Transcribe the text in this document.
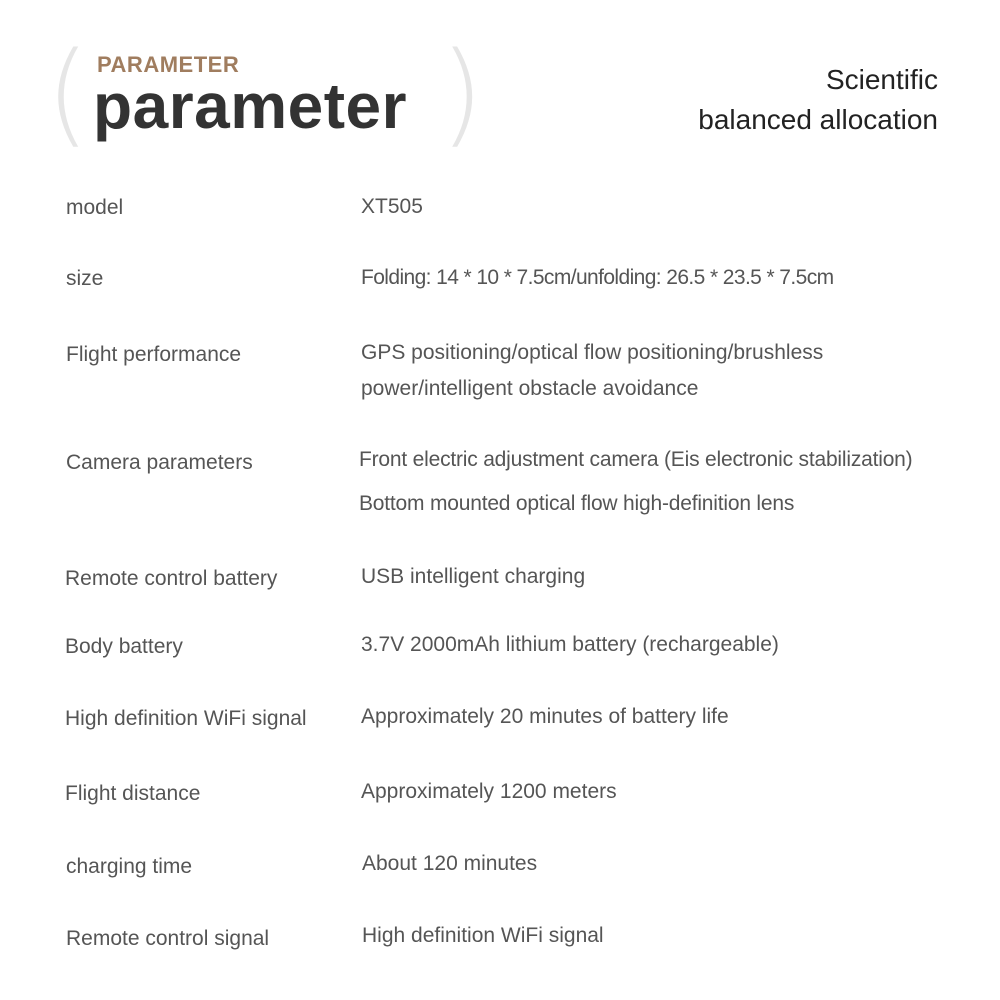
(	)
PARAMETER
parameter	Scientific
balanced allocation
model	XT505
size	Folding: 14 * 10 * 7.5cm/unfolding: 26.5 * 23.5 * 7.5cm
Flight performance	GPS positioning/optical flow positioning/brushless
power/intelligent obstacle avoidance
Camera parameters	Front electric adjustment camera (Eis electronic stabilization)
Bottom mounted optical flow high-definition lens
Remote control battery	USB intelligent charging
Body battery	3.7V 2000mAh lithium battery (rechargeable)
High definition WiFi signal	Approximately 20 minutes of battery life
Flight distance	Approximately 1200 meters
charging time	About 120 minutes
Remote control signal	High definition WiFi signal
